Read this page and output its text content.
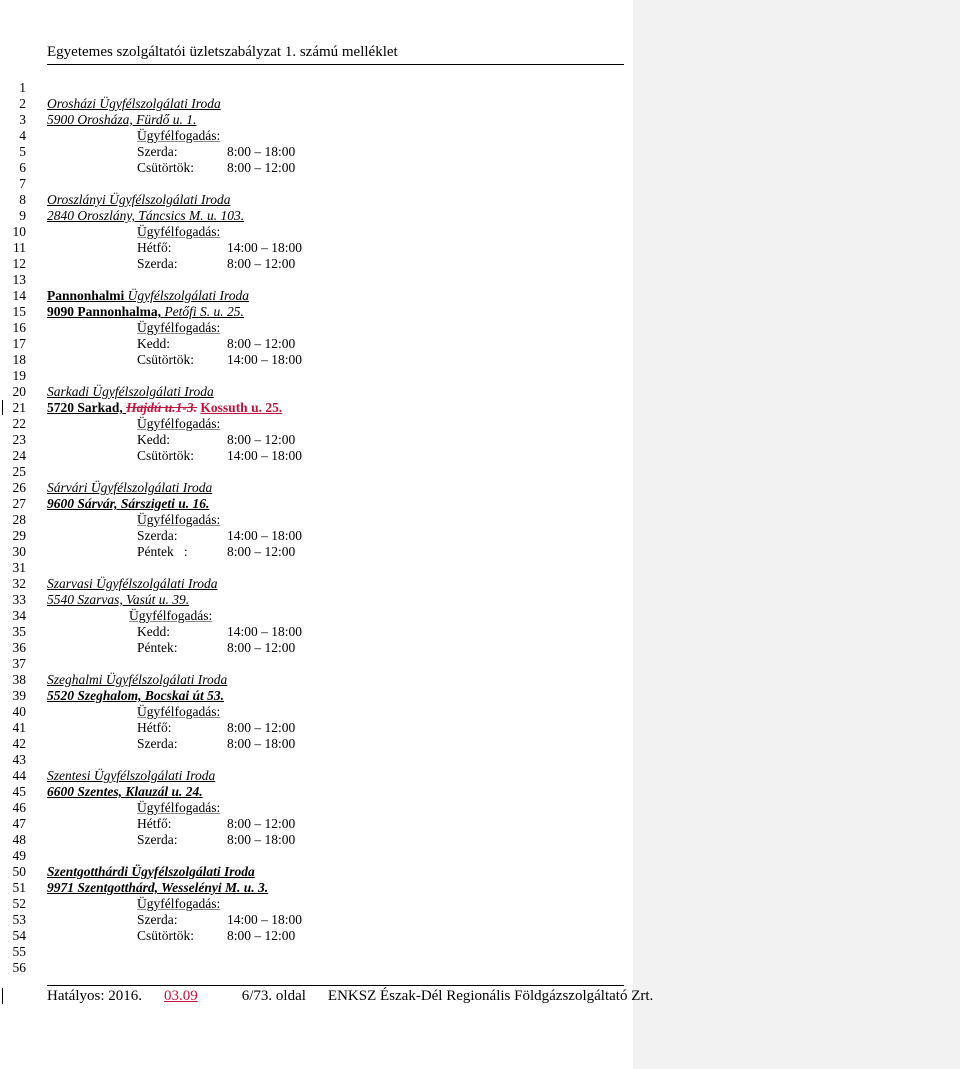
Egyetemes szolgáltatói üzletszabályzat 1. számú melléklet
1
2
3
4
5
6
7
8
9
10
11
12
13
14
15
16
17
18
19
20
21
22
23
24
25
26
27
28
29
30
31
32
33
34
35
36
37
38
39
40
41
42
43
44
45
46
47
48
49
50
51
52
53
54
55
56
Orosházi Ügyfélszolgálati Iroda
5900 Orosháza, Fürdő u. 1.
Ügyfélfogadás:
Szerda:	8:00 – 18:00
Csütörtök: 8:00 – 12:00
Oroszlányi Ügyfélszolgálati Iroda
2840 Oroszlány, Táncsics M. u. 103.
Ügyfélfogadás:
Hétfő:	14:00 – 18:00
Szerda:	8:00 – 12:00
Pannonhalmi Ügyfélszolgálati Iroda
9090 Pannonhalma, Petőfi S. u. 25.
Ügyfélfogadás:
Kedd:	8:00 – 12:00
Csütörtök: 14:00 – 18:00
Sarkadi Ügyfélszolgálati Iroda
5720 Sarkad, Hajdú u.1-3. Kossuth u. 25.
Ügyfélfogadás:
Kedd:	8:00 – 12:00
Csütörtök: 14:00 – 18:00
Sárvári Ügyfélszolgálati Iroda
9600 Sárvár, Sárszigeti u. 16.
Ügyfélfogadás:
Szerda:	14:00 – 18:00
Péntek   :	8:00 – 12:00
Szarvasi Ügyfélszolgálati Iroda
5540 Szarvas, Vasút u. 39.
Ügyfélfogadás:
Kedd:	14:00 – 18:00
Péntek:	8:00 – 12:00
Szeghalmi Ügyfélszolgálati Iroda
5520 Szeghalom, Bocskai út 53.
Ügyfélfogadás:
Hétfő:	8:00 – 12:00
Szerda:	8:00 – 18:00
Szentesi Ügyfélszolgálati Iroda
6600 Szentes, Klauzál u. 24.
Ügyfélfogadás:
Hétfő:	8:00 – 12:00
Szerda:	8:00 – 18:00
Szentgotthárdi Ügyfélszolgálati Iroda
9971 Szentgotthárd, Wesselényi M. u. 3.
Ügyfélfogadás:
Szerda:	14:00 – 18:00
Csütörtök: 8:00 – 12:00
Hatályos: 2016. 03.09	6/73. oldal ENKSZ Észak-Dél Regionális Földgázszolgáltató Zrt.
